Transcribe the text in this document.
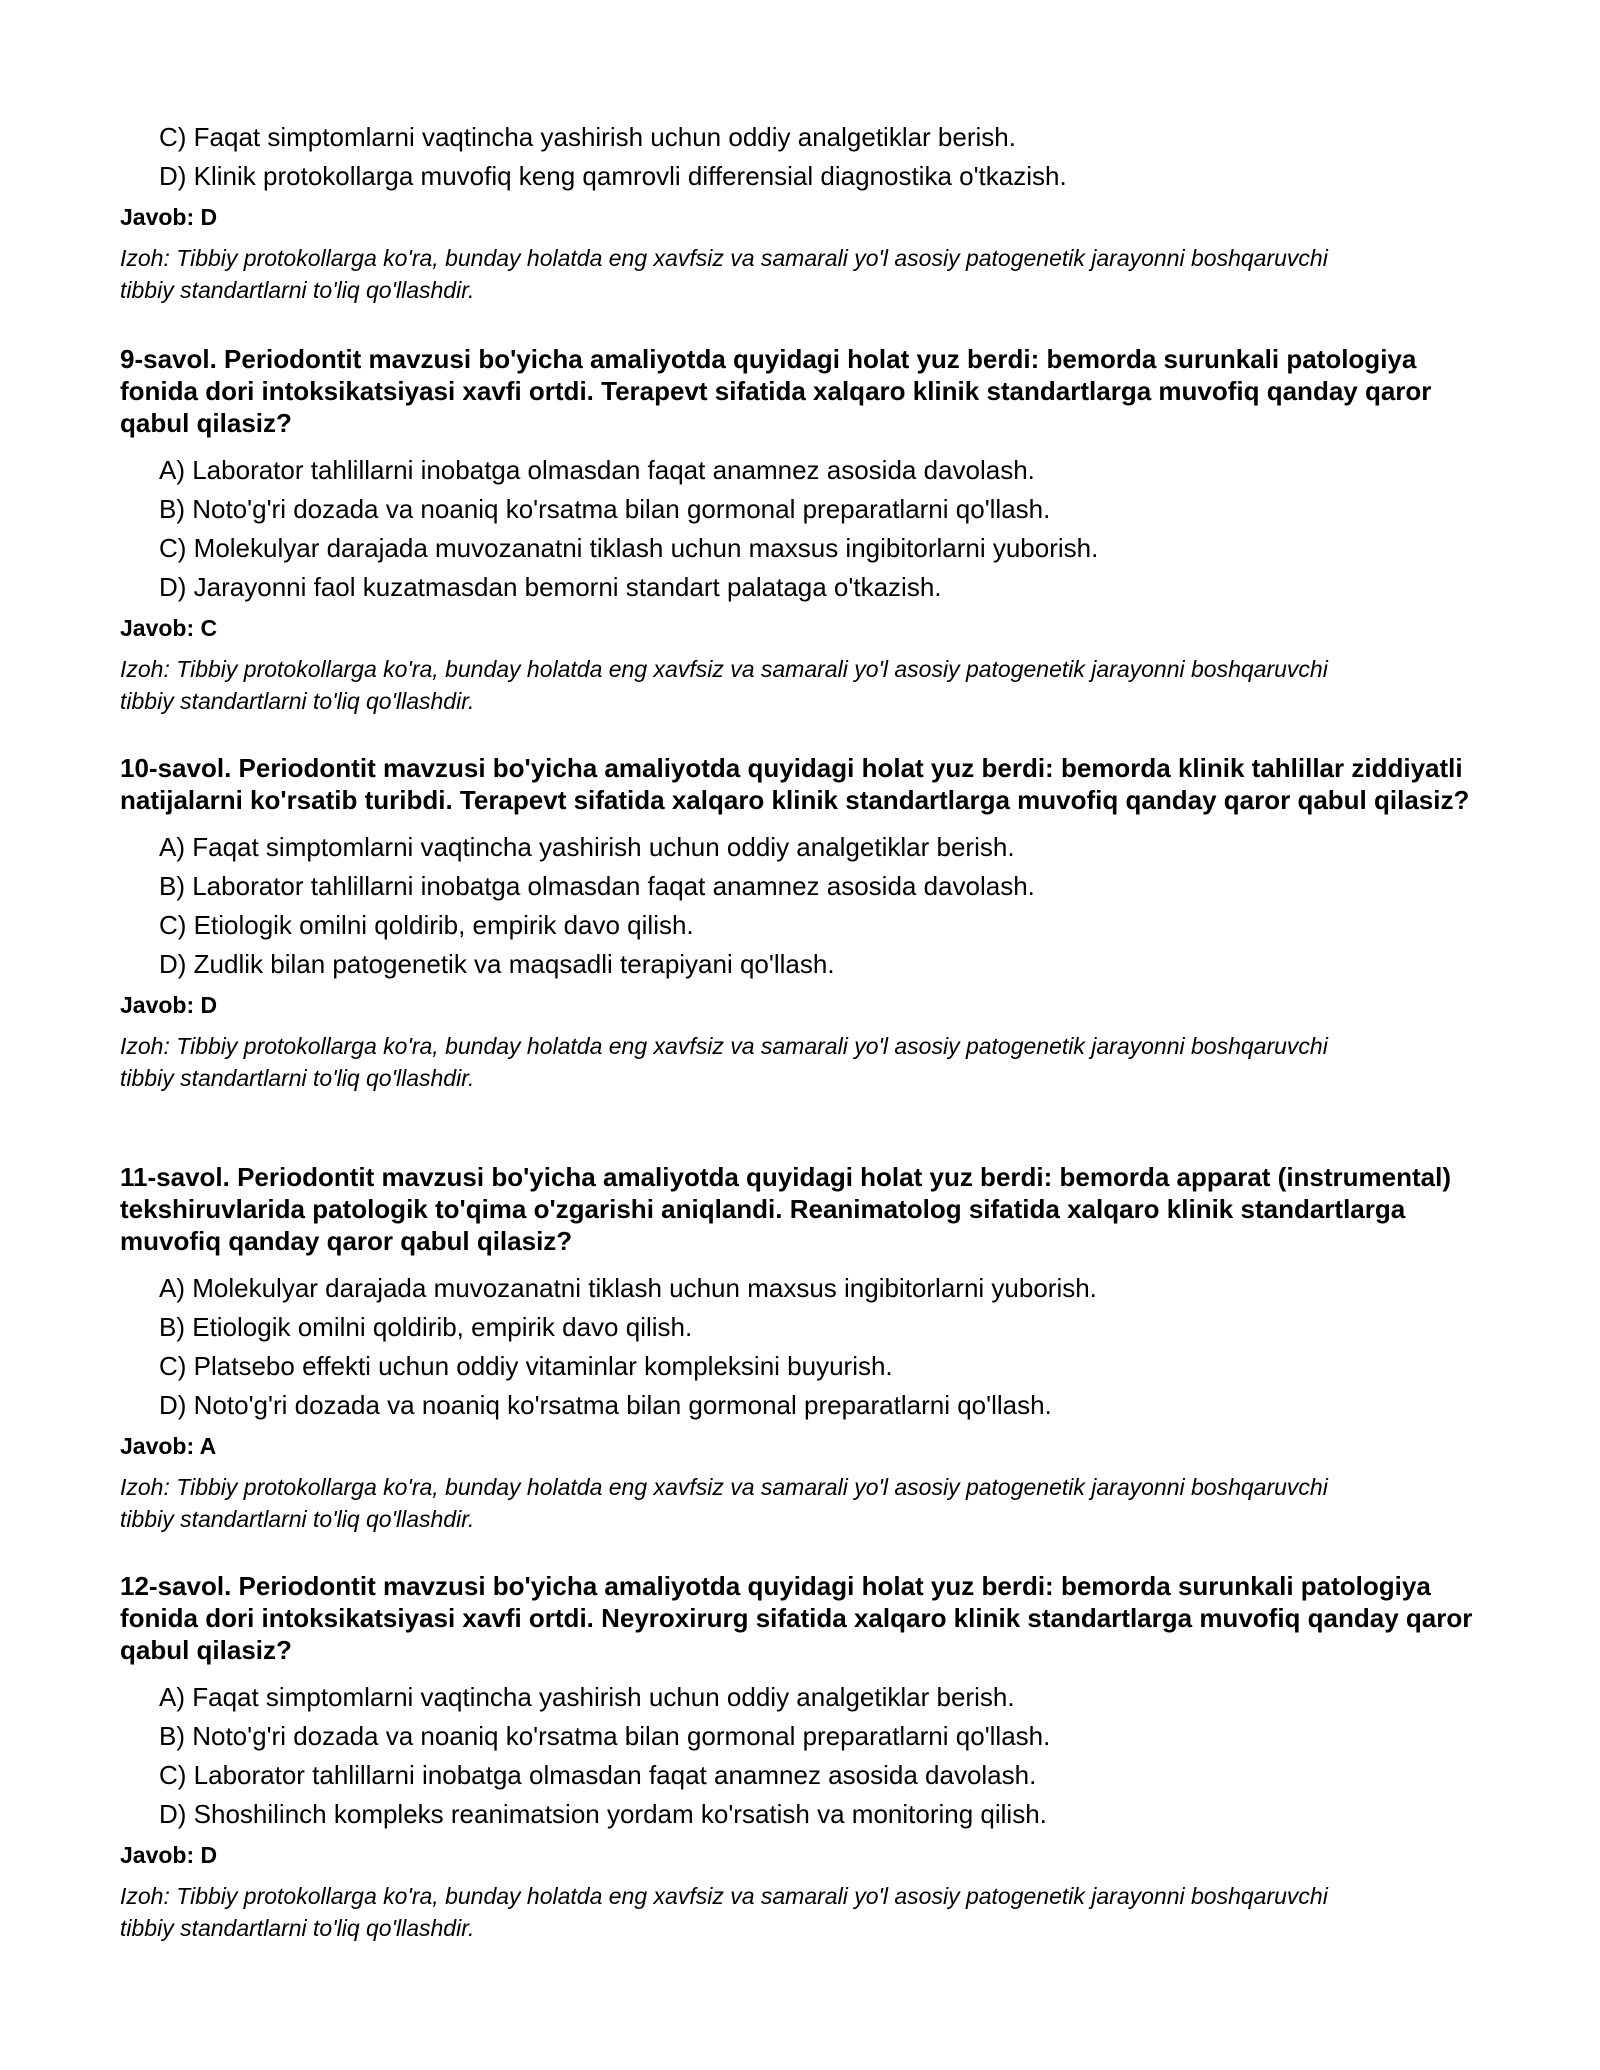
C) Faqat simptomlarni vaqtincha yashirish uchun oddiy analgetiklar berish.
D) Klinik protokollarga muvofiq keng qamrovli differensial diagnostika o'tkazish.
Javob: D
Izoh: Tibbiy protokollarga ko'ra, bunday holatda eng xavfsiz va samarali yo'l asosiy patogenetik jarayonni boshqaruvchi tibbiy standartlarni to'liq qo'llashdir.
9-savol. Periodontit mavzusi bo'yicha amaliyotda quyidagi holat yuz berdi: bemorda surunkali patologiya fonida dori intoksikatsiyasi xavfi ortdi. Terapevt sifatida xalqaro klinik standartlarga muvofiq qanday qaror qabul qilasiz?
A) Laborator tahlillarni inobatga olmasdan faqat anamnez asosida davolash.
B) Noto'g'ri dozada va noaniq ko'rsatma bilan gormonal preparatlarni qo'llash.
C) Molekulyar darajada muvozanatni tiklash uchun maxsus ingibitorlarni yuborish.
D) Jarayonni faol kuzatmasdan bemorni standart palataga o'tkazish.
Javob: C
Izoh: Tibbiy protokollarga ko'ra, bunday holatda eng xavfsiz va samarali yo'l asosiy patogenetik jarayonni boshqaruvchi tibbiy standartlarni to'liq qo'llashdir.
10-savol. Periodontit mavzusi bo'yicha amaliyotda quyidagi holat yuz berdi: bemorda klinik tahlillar ziddiyatli natijalarni ko'rsatib turibdi. Terapevt sifatida xalqaro klinik standartlarga muvofiq qanday qaror qabul qilasiz?
A) Faqat simptomlarni vaqtincha yashirish uchun oddiy analgetiklar berish.
B) Laborator tahlillarni inobatga olmasdan faqat anamnez asosida davolash.
C) Etiologik omilni qoldirib, empirik davo qilish.
D) Zudlik bilan patogenetik va maqsadli terapiyani qo'llash.
Javob: D
Izoh: Tibbiy protokollarga ko'ra, bunday holatda eng xavfsiz va samarali yo'l asosiy patogenetik jarayonni boshqaruvchi tibbiy standartlarni to'liq qo'llashdir.
11-savol. Periodontit mavzusi bo'yicha amaliyotda quyidagi holat yuz berdi: bemorda apparat (instrumental) tekshiruvlarida patologik to'qima o'zgarishi aniqlandi. Reanimatolog sifatida xalqaro klinik standartlarga muvofiq qanday qaror qabul qilasiz?
A) Molekulyar darajada muvozanatni tiklash uchun maxsus ingibitorlarni yuborish.
B) Etiologik omilni qoldirib, empirik davo qilish.
C) Platsebo effekti uchun oddiy vitaminlar kompleksini buyurish.
D) Noto'g'ri dozada va noaniq ko'rsatma bilan gormonal preparatlarni qo'llash.
Javob: A
Izoh: Tibbiy protokollarga ko'ra, bunday holatda eng xavfsiz va samarali yo'l asosiy patogenetik jarayonni boshqaruvchi tibbiy standartlarni to'liq qo'llashdir.
12-savol. Periodontit mavzusi bo'yicha amaliyotda quyidagi holat yuz berdi: bemorda surunkali patologiya fonida dori intoksikatsiyasi xavfi ortdi. Neyroxirurg sifatida xalqaro klinik standartlarga muvofiq qanday qaror qabul qilasiz?
A) Faqat simptomlarni vaqtincha yashirish uchun oddiy analgetiklar berish.
B) Noto'g'ri dozada va noaniq ko'rsatma bilan gormonal preparatlarni qo'llash.
C) Laborator tahlillarni inobatga olmasdan faqat anamnez asosida davolash.
D) Shoshilinch kompleks reanimatsion yordam ko'rsatish va monitoring qilish.
Javob: D
Izoh: Tibbiy protokollarga ko'ra, bunday holatda eng xavfsiz va samarali yo'l asosiy patogenetik jarayonni boshqaruvchi tibbiy standartlarni to'liq qo'llashdir.
